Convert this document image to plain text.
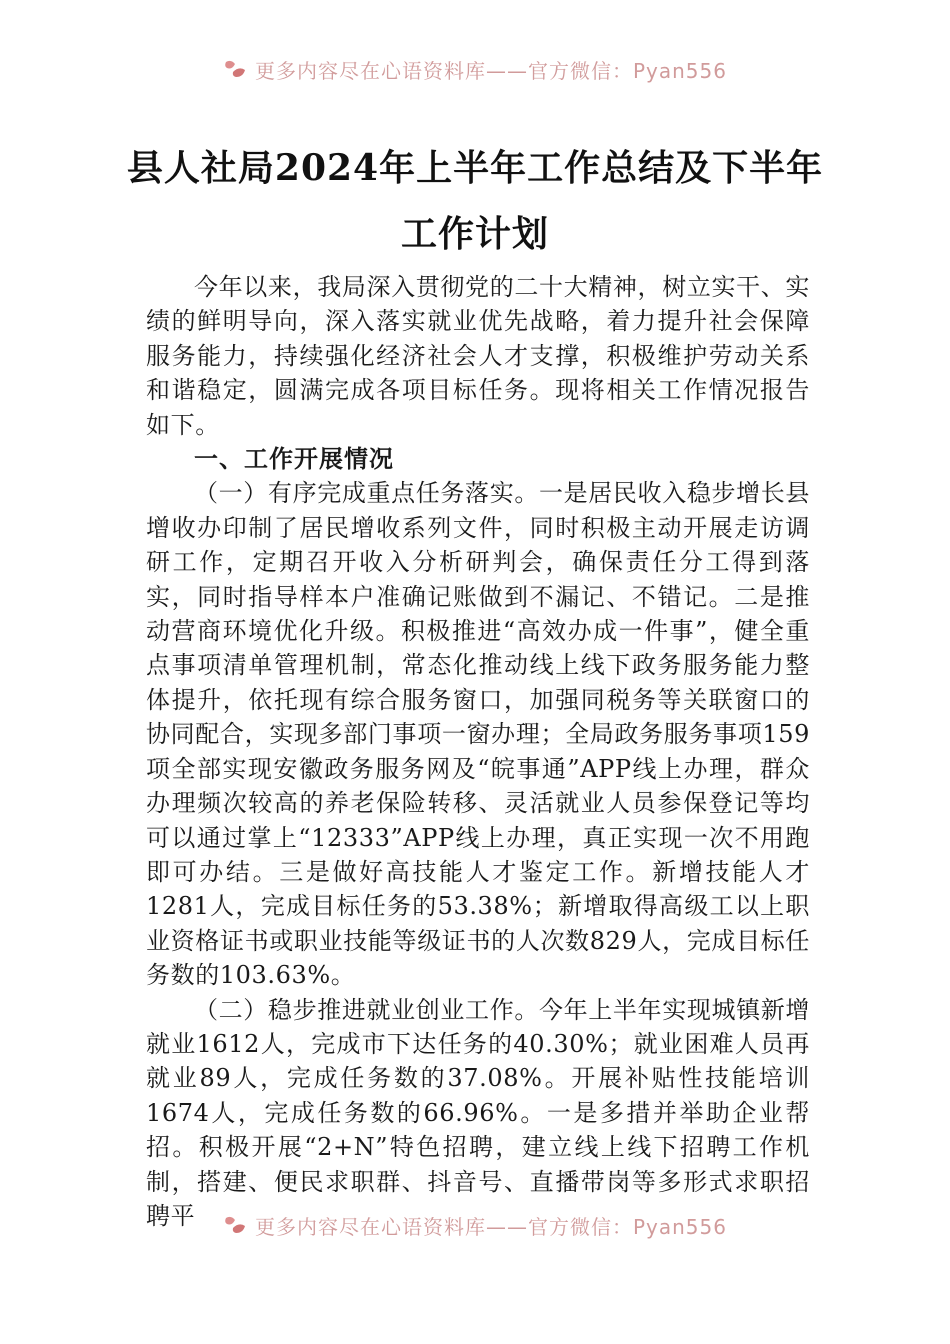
更多内容尽在心语资料库——官方微信：Pyan556
县人社局2024年上半年工作总结及下半年
工作计划

今年以来，我局深入贯彻党的二十大精神，树立实干、实绩的鲜明导向，深入落实就业优先战略，着力提升社会保障服务能力，持续强化经济社会人才支撑，积极维护劳动关系和谐稳定，圆满完成各项目标任务。现将相关工作情况报告如下。

一、工作开展情况

（一）有序完成重点任务落实。一是居民收入稳步增长县增收办印制了居民增收系列文件，同时积极主动开展走访调研工作，定期召开收入分析研判会，确保责任分工得到落实，同时指导样本户准确记账做到不漏记、不错记。二是推动营商环境优化升级。积极推进“高效办成一件事”，健全重点事项清单管理机制，常态化推动线上线下政务服务能力整体提升，依托现有综合服务窗口，加强同税务等关联窗口的协同配合，实现多部门事项一窗办理；全局政务服务事项159项全部实现安徽政务服务网及“皖事通”APP线上办理，群众办理频次较高的养老保险转移、灵活就业人员参保登记等均可以通过掌上“12333”APP线上办理，真正实现一次不用跑即可办结。三是做好高技能人才鉴定工作。新增技能人才1281人，完成目标任务的53.38%；新增取得高级工以上职业资格证书或职业技能等级证书的人次数829人，完成目标任务数的103.63%。

（二）稳步推进就业创业工作。今年上半年实现城镇新增就业1612人，完成市下达任务的40.30%；就业困难人员再就业89人，完成任务数的37.08%。开展补贴性技能培训1674人，完成任务数的66.96%。一是多措并举助企业帮招。积极开展“2+N”特色招聘，建立线上线下招聘工作机制，搭建、便民求职群、抖音号、直播带岗等多形式求职招聘平	更多内容尽在心语资料库——官方微信：Pyan556
